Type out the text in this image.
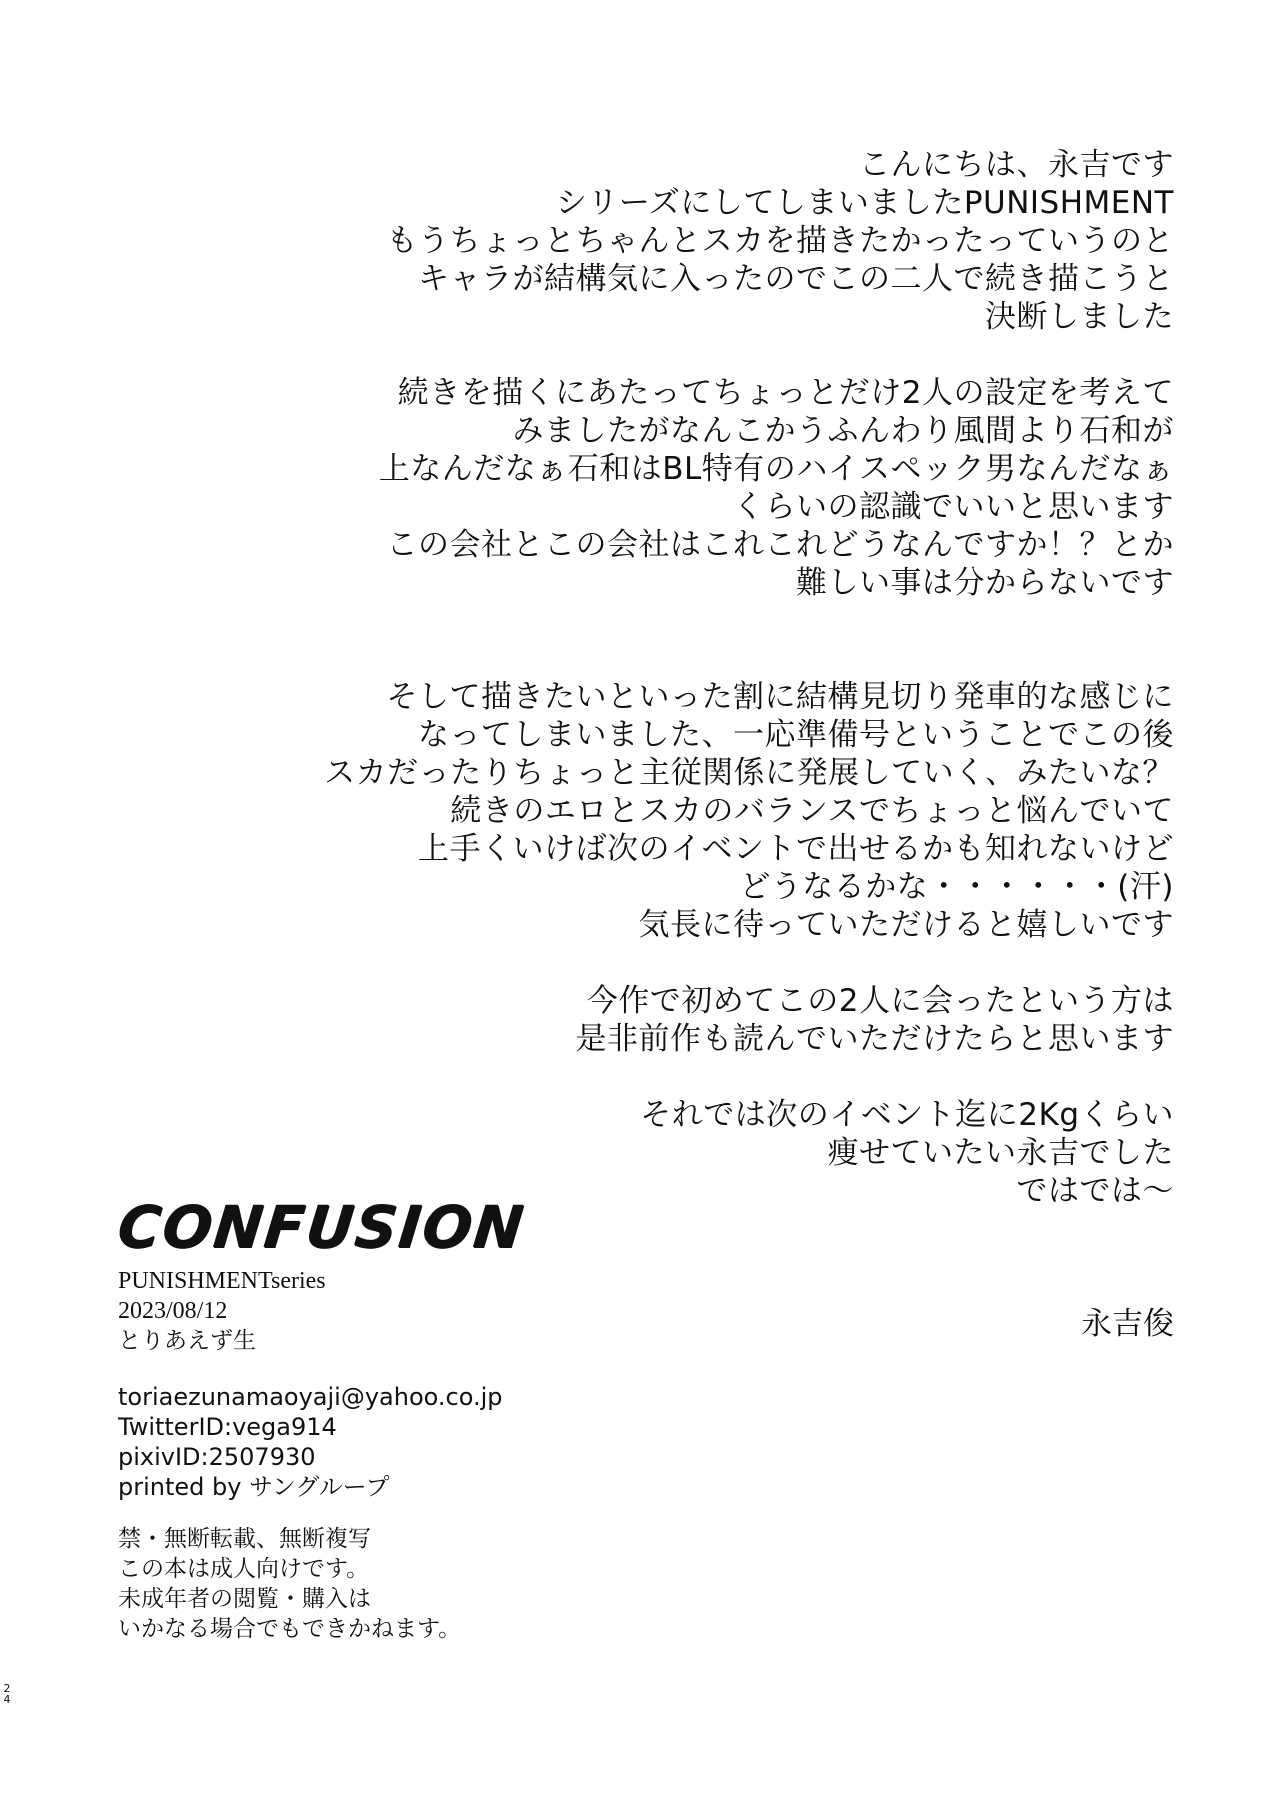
こんにちは、永吉です
シリーズにしてしまいましたPUNISHMENT
もうちょっとちゃんとスカを描きたかったっていうのと
キャラが結構気に入ったのでこの二人で続き描こうと
決断しました
続きを描くにあたってちょっとだけ2人の設定を考えて
みましたがなんこかうふんわり風間より石和が
上なんだなぁ石和はBL特有のハイスペック男なんだなぁ
くらいの認識でいいと思います
この会社とこの会社はこれこれどうなんですか！？とか
難しい事は分からないです
そして描きたいといった割に結構見切り発車的な感じに
なってしまいました、一応準備号ということでこの後
スカだったりちょっと主従関係に発展していく、みたいな？
続きのエロとスカのバランスでちょっと悩んでいて
上手くいけば次のイベントで出せるかも知れないけど
どうなるかな・・・・・・(汗)
気長に待っていただけると嬉しいです
今作で初めてこの2人に会ったという方は
是非前作も読んでいただけたらと思います
それでは次のイベント迄に2Kgくらい
痩せていたい永吉でした
ではでは～
永吉俊
CONFUSION
PUNISHMENTseries
2023/08/12
とりあえず生
toriaezunamaoyaji@yahoo.co.jp
TwitterID:vega914
pixivID:2507930
printed by サングループ
禁・無断転載、無断複写
この本は成人向けです。
未成年者の閲覧・購入は
いかなる場合でもできかねます。
2
4
